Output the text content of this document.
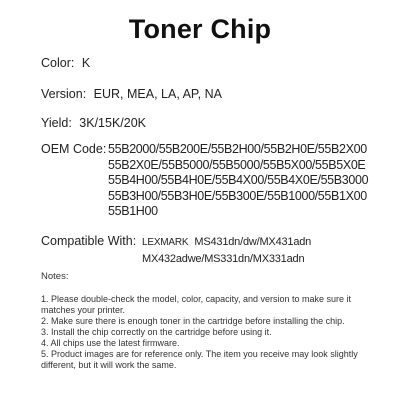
Toner Chip
Color: K
Version: EUR, MEA, LA, AP, NA
Yield: 3K/15K/20K
OEM Code: 55B2000/55B200E/55B2H00/55B2H0E/55B2X00
55B2X0E/55B5000/55B5000/55B5X00/55B5X0E
55B4H00/55B4H0E/55B4X00/55B4X0E/55B3000
55B3H00/55B3H0E/55B300E/55B1000/55B1X00
55B1H00
Compatible With: LEXMARK MS431dn/dw/MX431adn
MX432adwe/MS331dn/MX331adn
Notes:
1. Please double-check the model, color, capacity, and version to make sure it
matches your printer.
2. Make sure there is enough toner in the cartridge before installing the chip.
3. Install the chip correctly on the cartridge before using it.
4. All chips use the latest firmware.
5. Product images are for reference only. The item you receive may look slightly
different, but it will work the same.
